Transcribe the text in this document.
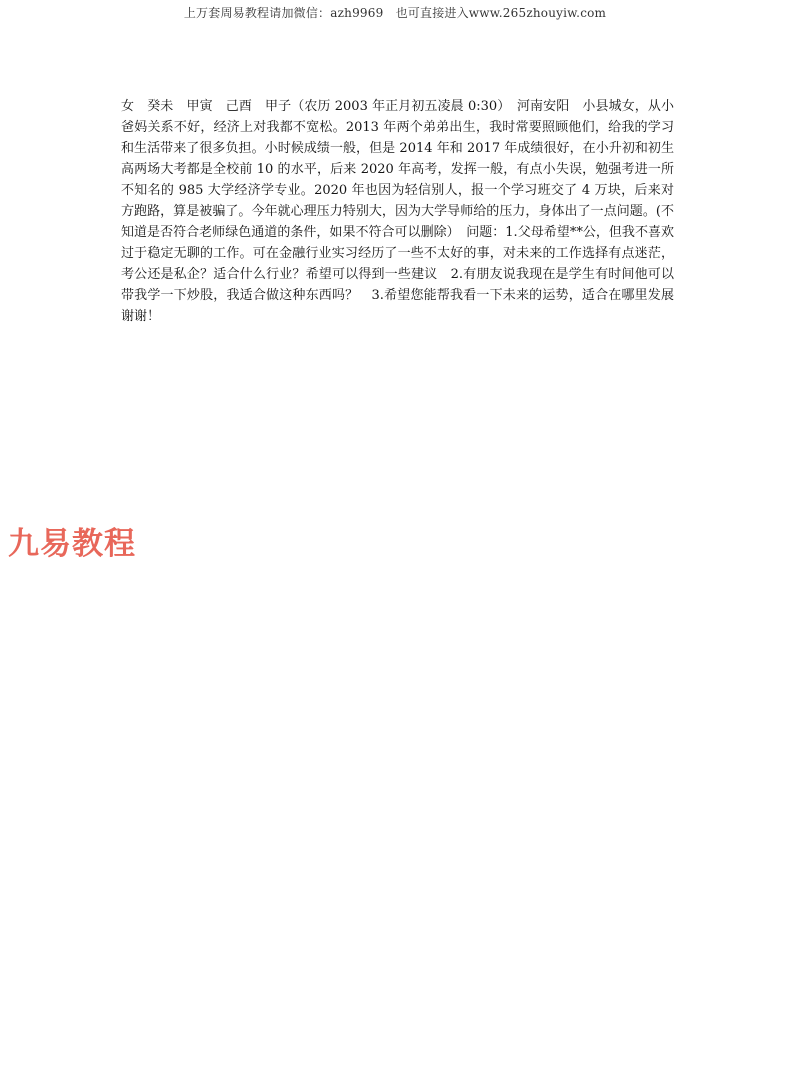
上万套周易教程请加微信：azh9969　也可直接进入www.265zhouyiw.com
女　癸未　甲寅　己酉　甲子（农历 2003 年正月初五凌晨 0:30）　河南安阳　小县城女，从小爸妈关系不好，经济上对我都不宽松。2013 年两个弟弟出生，我时常要照顾他们，给我的学习和生活带来了很多负担。小时候成绩一般，但是 2014 年和 2017 年成绩很好，在小升初和初生高两场大考都是全校前 10 的水平，后来 2020 年高考，发挥一般，有点小失误，勉强考进一所不知名的 985 大学经济学专业。2020 年也因为轻信别人，报一个学习班交了 4 万块，后来对方跑路，算是被骗了。今年就心理压力特别大，因为大学导师给的压力，身体出了一点问题。(不知道是否符合老师绿色通道的条件，如果不符合可以删除）　问题：1.父母希望**公，但我不喜欢过于稳定无聊的工作。可在金融行业实习经历了一些不太好的事，对未来的工作选择有点迷茫，考公还是私企？适合什么行业？希望可以得到一些建议　2.有朋友说我现在是学生有时间他可以带我学一下炒股，我适合做这种东西吗？　3.希望您能帮我看一下未来的运势，适合在哪里发展　谢谢！
九易教程
